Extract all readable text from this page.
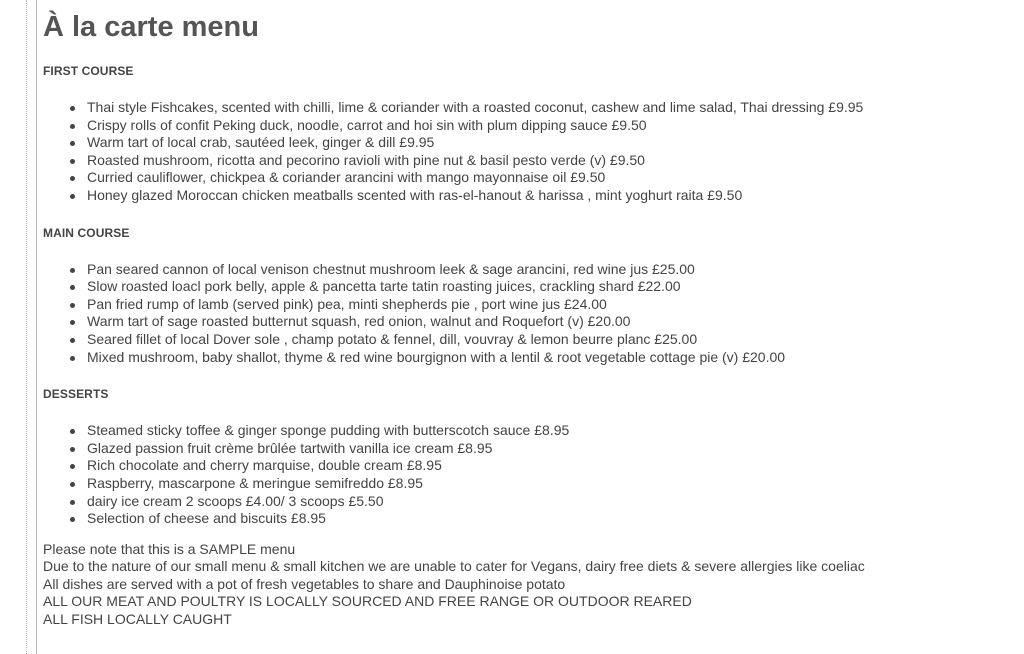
À la carte menu
FIRST COURSE
Thai style Fishcakes, scented with chilli, lime & coriander with a roasted coconut, cashew and lime salad, Thai dressing £9.95
Crispy rolls of confit Peking duck, noodle, carrot and hoi sin with plum dipping sauce £9.50
Warm tart of local crab, sautéed leek, ginger & dill £9.95
Roasted mushroom, ricotta and pecorino ravioli with pine nut & basil pesto verde (v) £9.50
Curried cauliflower, chickpea & coriander arancini with mango mayonnaise oil £9.50
Honey glazed Moroccan chicken meatballs scented with ras-el-hanout & harissa , mint yoghurt raita £9.50
MAIN COURSE
Pan seared cannon of local venison chestnut mushroom leek & sage arancini, red wine jus £25.00
Slow roasted loacl pork belly, apple & pancetta tarte tatin roasting juices, crackling shard £22.00
Pan fried rump of lamb (served pink) pea, minti shepherds pie , port wine jus £24.00
Warm tart of sage roasted butternut squash, red onion, walnut and Roquefort (v) £20.00
Seared fillet of local Dover sole , champ potato & fennel, dill, vouvray & lemon beurre planc £25.00
Mixed mushroom, baby shallot, thyme & red wine bourgignon with a lentil & root vegetable cottage pie (v) £20.00
DESSERTS
Steamed sticky toffee & ginger sponge pudding with butterscotch sauce £8.95
Glazed passion fruit crème brûlée tartwith vanilla ice cream £8.95
Rich chocolate and cherry marquise, double cream £8.95
Raspberry, mascarpone & meringue semifreddo £8.95
dairy ice cream 2 scoops £4.00/ 3 scoops £5.50
Selection of cheese and biscuits £8.95

Please note that this is a SAMPLE menu

Due to the nature of our small menu & small kitchen we are unable to cater for Vegans, dairy free diets & severe allergies like coeliac

All dishes are served with a pot of fresh vegetables to share and Dauphinoise potato

ALL OUR MEAT AND POULTRY IS LOCALLY SOURCED AND FREE RANGE OR OUTDOOR REARED

ALL FISH LOCALLY CAUGHT
